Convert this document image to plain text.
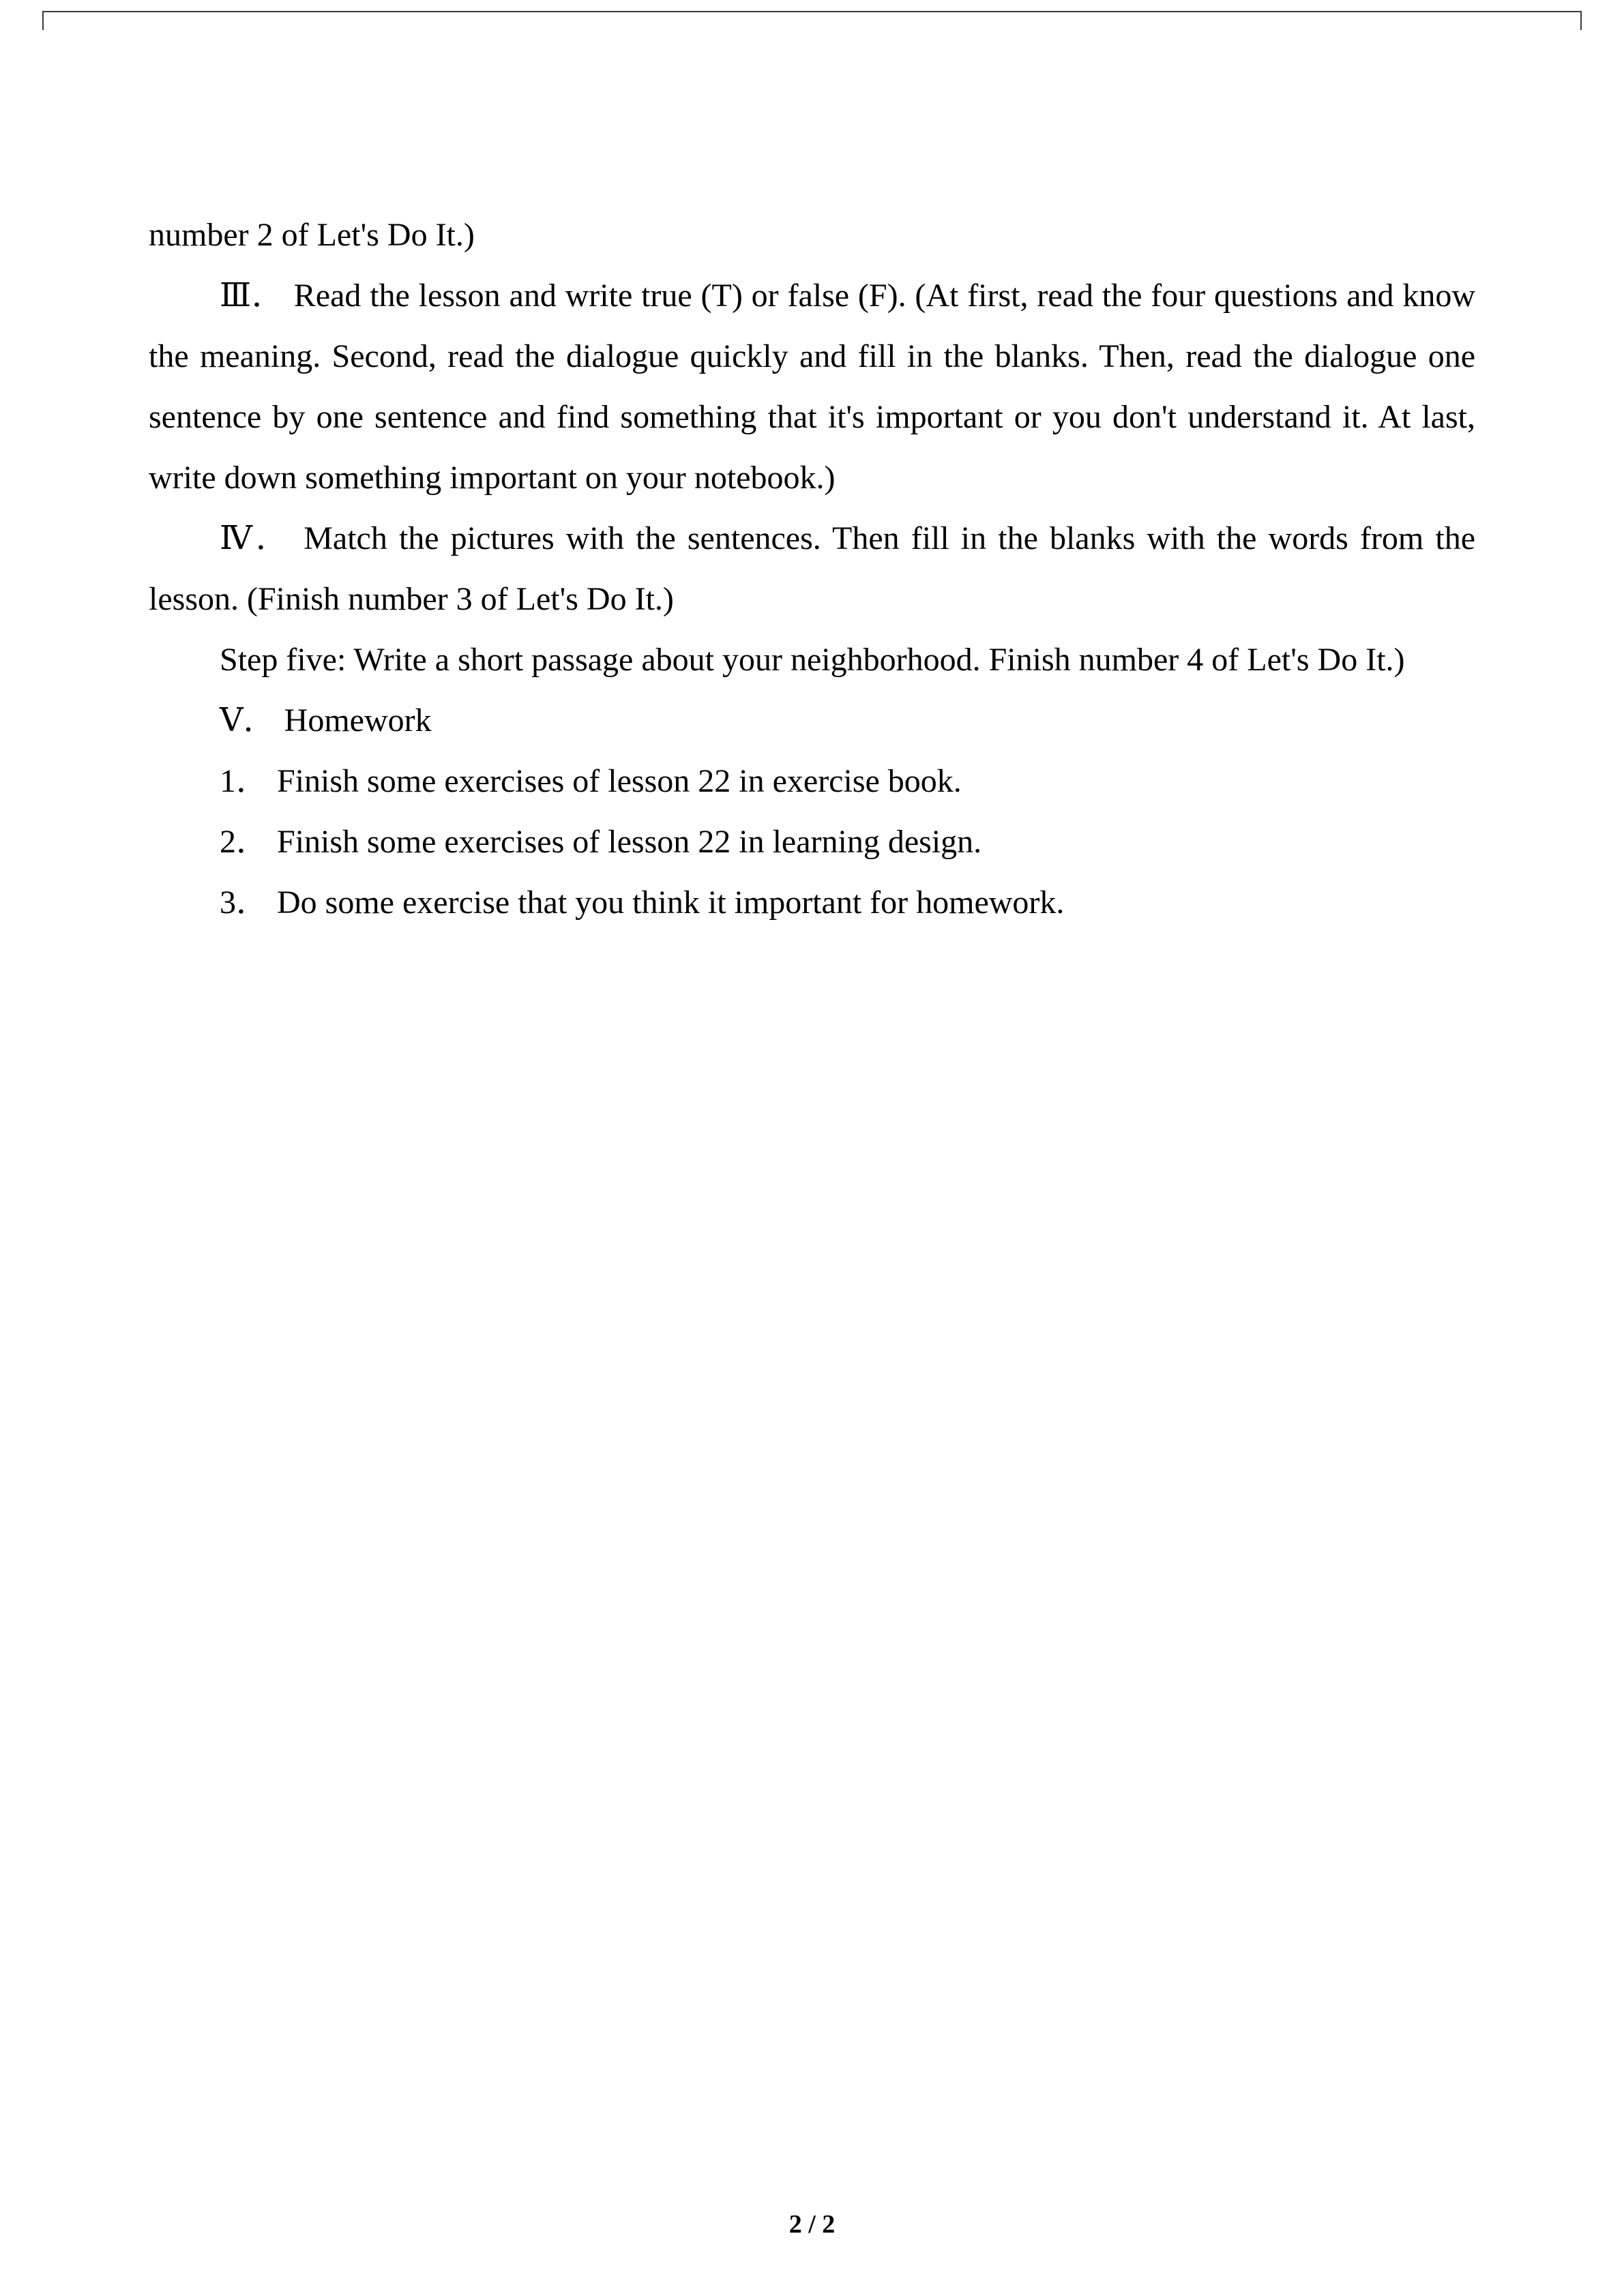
number 2 of Let's Do It.)

Ⅲ． Read the lesson and write true (T) or false (F). (At first, read the four questions and know the meaning. Second, read the dialogue quickly and fill in the blanks. Then, read the dialogue one sentence by one sentence and find something that it's important or you don't understand it. At last, write down something important on your notebook.)

Ⅳ． Match the pictures with the sentences. Then fill in the blanks with the words from the lesson. (Finish number 3 of Let's Do It.)

Step five: Write a short passage about your neighborhood. Finish number 4 of Let's Do It.)

Ⅴ． Homework

1． Finish some exercises of lesson 22 in exercise book.

2． Finish some exercises of lesson 22 in learning design.

3． Do some exercise that you think it important for homework.

2 / 2
